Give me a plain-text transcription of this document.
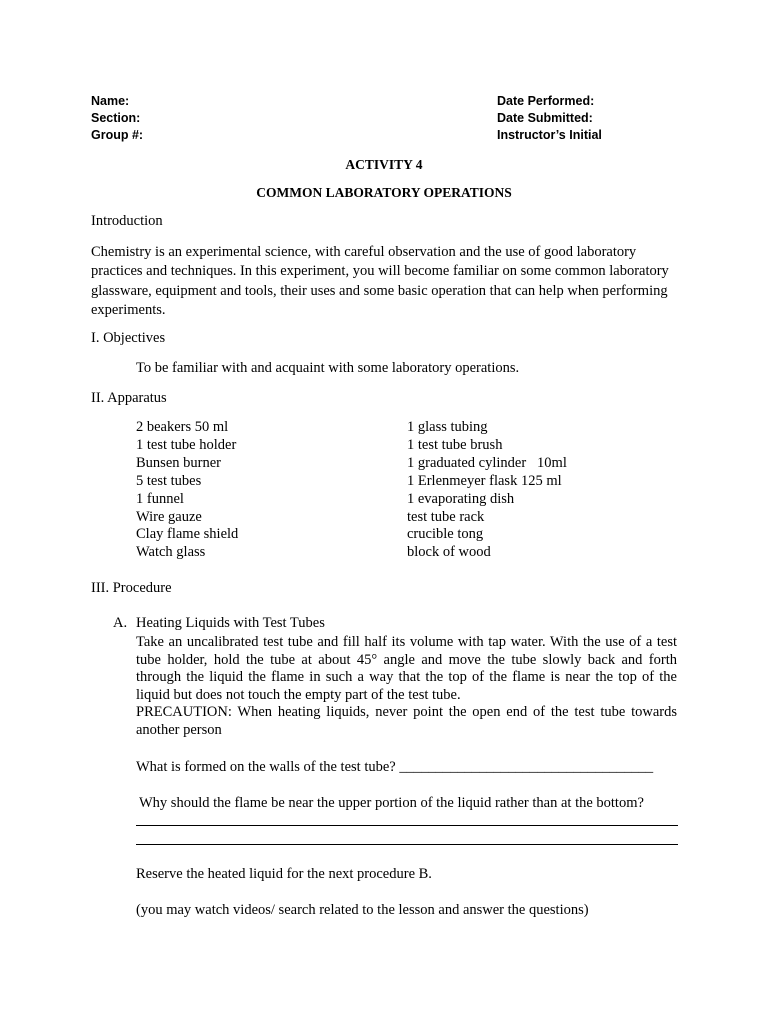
Name:
Section:
Group #:
Date Performed:
Date Submitted:
Instructor’s Initial
ACTIVITY 4
COMMON LABORATORY OPERATIONS
Introduction
Chemistry is an experimental science, with careful observation and the use of good laboratory practices and techniques. In this experiment, you will become familiar on some common laboratory glassware, equipment and tools, their uses and some basic operation that can help when performing experiments.
I. Objectives
To be familiar with and acquaint with some laboratory operations.
II. Apparatus
2 beakers 50 ml
1 test tube holder
Bunsen burner
5 test tubes
1 funnel
Wire gauze
Clay flame shield
Watch glass
1 glass tubing
1 test tube brush
1 graduated cylinder   10ml
1 Erlenmeyer flask 125 ml
1 evaporating dish
test tube rack
crucible tong
block of wood
III. Procedure
A. Heating Liquids with Test Tubes

Take an uncalibrated test tube and fill half its volume with tap water. With the use of a test tube holder, hold the tube at about 45° angle and move the tube slowly back and forth through the liquid the flame in such a way that the top of the flame is near the top of the liquid but does not touch the empty part of the test tube.

PRECAUTION: When heating liquids, never point the open end of the test tube towards another person

What is formed on the walls of the test tube? ___________________________________
Why should the flame be near the upper portion of the liquid rather than at the bottom?
Reserve the heated liquid for the next procedure B.
(you may watch videos/ search related to the lesson and answer the questions)
